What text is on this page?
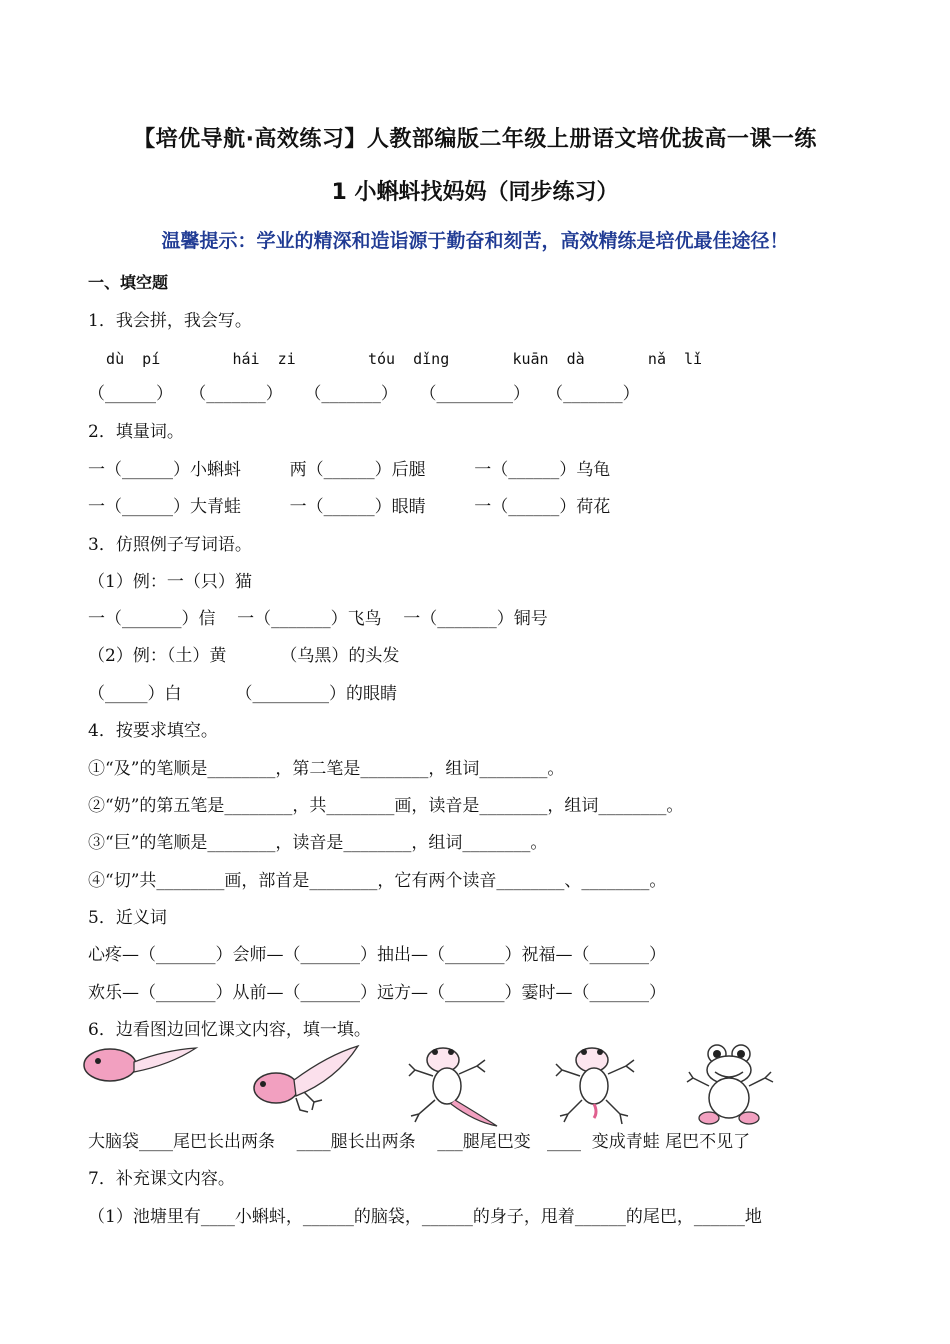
【培优导航·高效练习】人教部编版二年级上册语文培优拔高一课一练
1 小蝌蚪找妈妈（同步练习）
温馨提示：学业的精深和造诣源于勤奋和刻苦，高效精练是培优最佳途径！
一、填空题
1．我会拼，我会写。
dù  pí        hái  zi        tóu  dǐng       kuān  dà       nǎ  lǐ
（______）   （_______）    （_______）    （_________）   （_______）
2．填量词。
一（______）小蝌蚪         两（______）后腿         一（______）乌龟
一（______）大青蛙         一（______）眼睛         一（______）荷花
3．仿照例子写词语。
（1）例：一（只）猫
一（_______）信    一（_______）飞鸟    一（_______）铜号
（2）例：（土）黄          （乌黑）的头发
（_____）白          （_________）的眼睛
4．按要求填空。
①“及”的笔顺是________，第二笔是________，组词________。
②“奶”的第五笔是________，共________画，读音是________，组词________。
③“巨”的笔顺是________，读音是________，组词________。
④“切”共________画，部首是________，它有两个读音________、________。
5．近义词
心疼—（_______）会师—（_______）抽出—（_______）祝福—（_______）
欢乐—（_______）从前—（_______）远方—（_______）霎时—（_______）
6．边看图边回忆课文内容，填一填。
大脑袋____尾巴长出两条    ____腿长出两条    ___腿尾巴变   ____  变成青蛙 尾巴不见了
7．补充课文内容。
（1）池塘里有____小蝌蚪，______的脑袋，______的身子，甩着______的尾巴，______地
